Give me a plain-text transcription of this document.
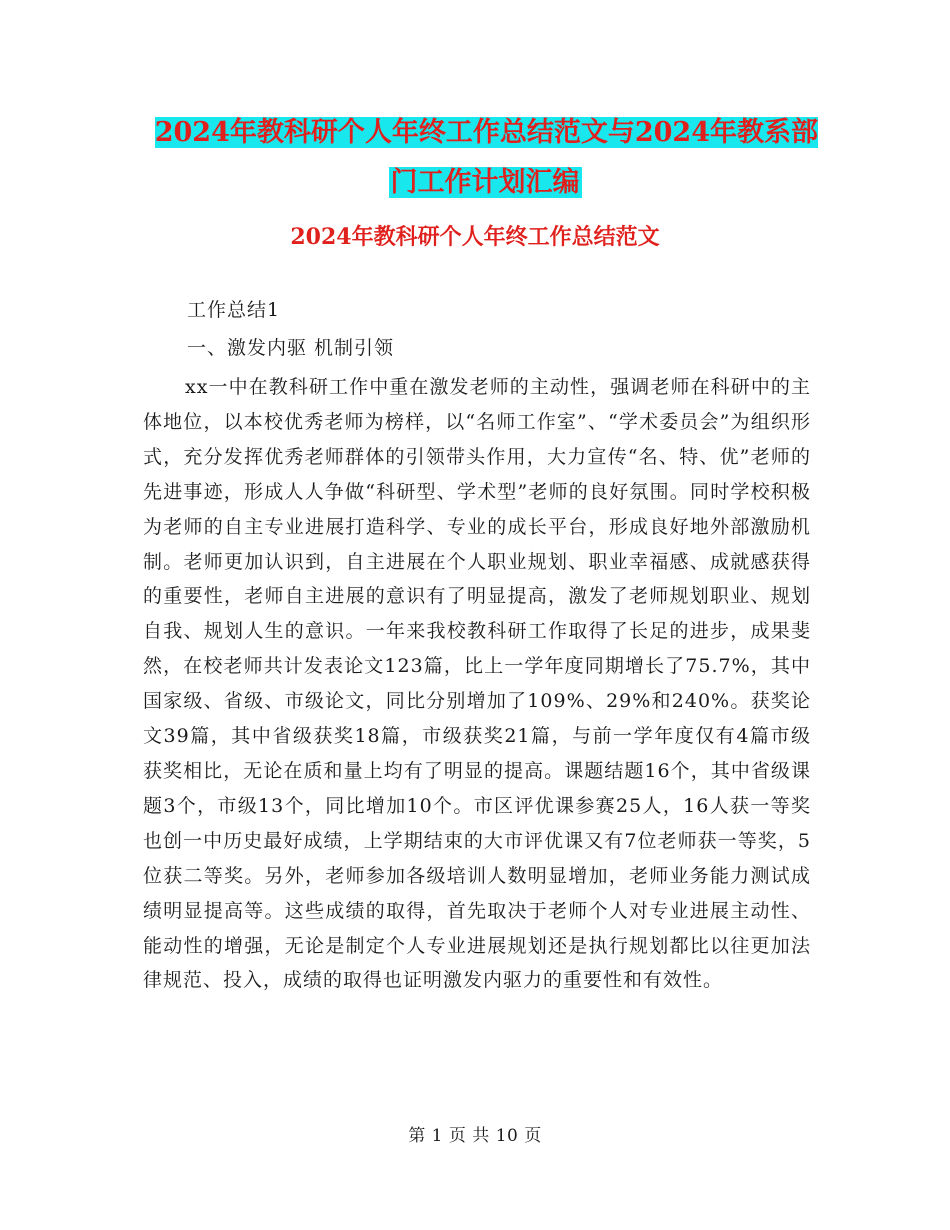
2024年教科研个人年终工作总结范文与2024年教系部
门工作计划汇编
2024年教科研个人年终工作总结范文
工作总结1
一、激发内驱 机制引领
xx一中在教科研工作中重在激发老师的主动性，强调老师在科研中的主体地位，以本校优秀老师为榜样，以“名师工作室”、“学术委员会”为组织形式，充分发挥优秀老师群体的引领带头作用，大力宣传“名、特、优”老师的先进事迹，形成人人争做“科研型、学术型”老师的良好氛围。同时学校积极为老师的自主专业进展打造科学、专业的成长平台，形成良好地外部激励机制。老师更加认识到，自主进展在个人职业规划、职业幸福感、成就感获得的重要性，老师自主进展的意识有了明显提高，激发了老师规划职业、规划自我、规划人生的意识。一年来我校教科研工作取得了长足的进步，成果斐然，在校老师共计发表论文123篇，比上一学年度同期增长了75.7%，其中国家级、省级、市级论文，同比分别增加了109%、29%和240%。获奖论文39篇，其中省级获奖18篇，市级获奖21篇，与前一学年度仅有4篇市级获奖相比，无论在质和量上均有了明显的提高。课题结题16个，其中省级课题3个，市级13个，同比增加10个。市区评优课参赛25人，16人获一等奖也创一中历史最好成绩，上学期结束的大市评优课又有7位老师获一等奖，5位获二等奖。另外，老师参加各级培训人数明显增加，老师业务能力测试成绩明显提高等。这些成绩的取得，首先取决于老师个人对专业进展主动性、能动性的增强，无论是制定个人专业进展规划还是执行规划都比以往更加法律规范、投入，成绩的取得也证明激发内驱力的重要性和有效性。
第 1 页 共 10 页
